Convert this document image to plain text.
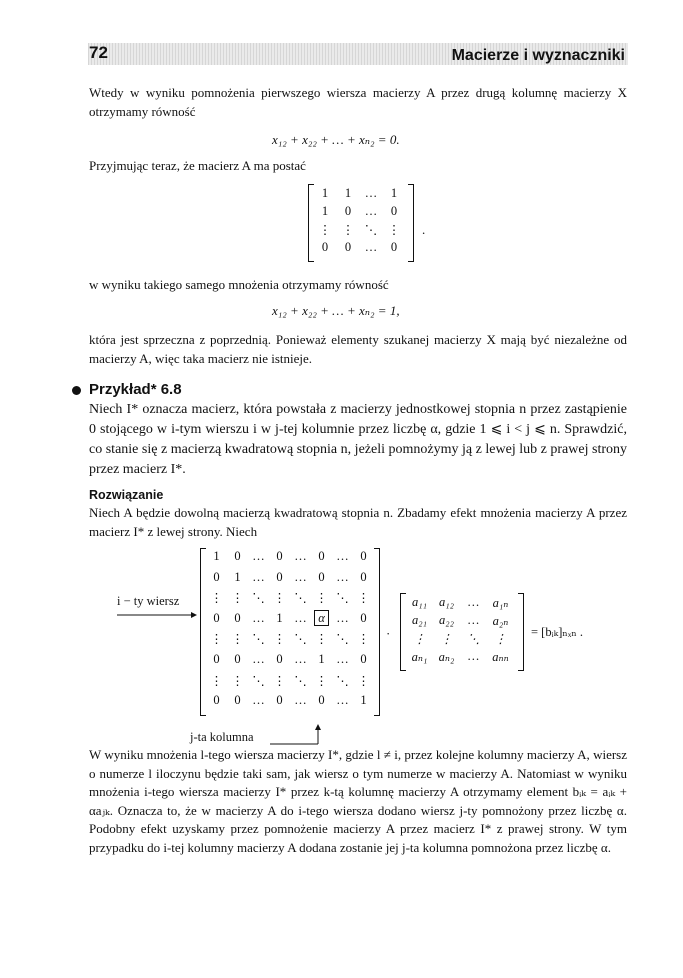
72	Macierze i wyznaczniki
Wtedy w wyniku pomnożenia pierwszego wiersza macierzy A przez drugą kolumnę macierzy X otrzymamy równość
x₁₂ + x₂₂ + … + xₙ₂ = 0.
Przyjmując teraz, że macierz A ma postać
1	1	…	1
1	0	…	0
⋮ ⋮ ⋱ ⋮
0	0	…	0
.
w wyniku takiego samego mnożenia otrzymamy równość
x₁₂ + x₂₂ + … + xₙ₂ = 1,
która jest sprzeczna z poprzednią. Ponieważ elementy szukanej macierzy X mają być niezależne od macierzy A, więc taka macierz nie istnieje.
Przykład* 6.8
Niech I* oznacza macierz, która powstała z macierzy jednostkowej stopnia n przez zastąpienie 0 stojącego w i-tym wierszu i w j-tej kolumnie przez liczbę α, gdzie 1 ⩽ i < j ⩽ n. Sprawdzić, co stanie się z macierzą kwadratową stopnia n, jeżeli pomnożymy ją z lewej lub z prawej strony przez macierz I*.
Rozwiązanie
Niech A będzie dowolną macierzą kwadratową stopnia n. Zbadamy efekt mnożenia macierzy A przez macierz I* z lewej strony. Niech
1	0 … 0 … 0 … 0
0	1 … 0 … 0 … 0
⋮ ⋮ ⋱ ⋮ ⋱ ⋮ ⋱ ⋮
0	0 … 1 … α … 0
⋮ ⋮ ⋱ ⋮ ⋱ ⋮ ⋱ ⋮
0	0 … 0 … 1 … 0
⋮ ⋮ ⋱ ⋮ ⋱ ⋮ ⋱ ⋮
0	0 … 0 … 0 … 1
i − ty wiersz
j-ta kolumna
·
a₁₁ a₁₂	…	a₁ₙ
a₂₁ a₂₂	…	a₂ₙ
⋮	⋮	⋱	⋮
aₙ₁ aₙ₂	…	aₙₙ
= [bᵢₖ]ₙₓₙ .
W wyniku mnożenia l-tego wiersza macierzy I*, gdzie l ≠ i, przez kolejne kolumny macierzy A, wiersz o numerze l iloczynu będzie taki sam, jak wiersz o tym numerze w macierzy A. Natomiast w wyniku mnożenia i-tego wiersza macierzy I* przez k-tą kolumnę macierzy A otrzymamy element bᵢₖ = aᵢₖ + αaⱼₖ. Oznacza to, że w macierzy A do i-tego wiersza dodano wiersz j-ty pomnożony przez liczbę α. Podobny efekt uzyskamy przez pomnożenie macierzy A przez macierz I* z prawej strony. W tym przypadku do i-tej kolumny macierzy A dodana zostanie jej j-ta kolumna pomnożona przez liczbę α.
